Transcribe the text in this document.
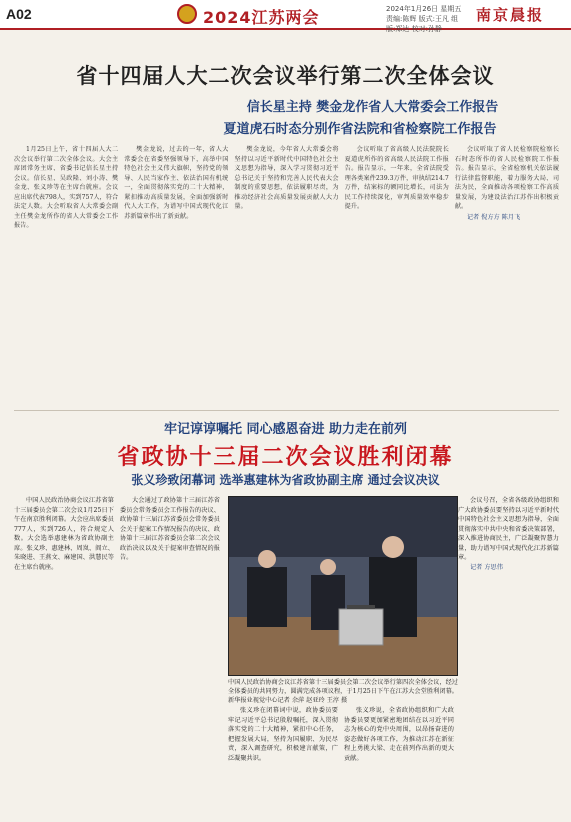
A02	2024江苏两会	2024年1月26日 星期五 责编:陈辉 版式:王凡 组版:郑达 校对:孙静
南京晨报
省十四届人大二次会议举行第二次全体会议
信长星主持 樊金龙作省人大常委会工作报告
夏道虎石时态分别作省法院和省检察院工作报告

1月25日上午，省十四届人大二次会议举行第二次全体会议。大会主席团常务主席、省委书记信长星主持会议。信长星、吴政隆、刘小涛、樊金龙、张义珍等在主席台就座。会议应出席代表798人，实到757人，符合法定人数。大会听取省人大常委会副主任樊金龙所作的省人大常委会工作报告。

樊金龙说，过去的一年，省人大常委会在省委坚强领导下，高举中国特色社会主义伟大旗帜，坚持党的领导、人民当家作主、依法治国有机统一，全面贯彻落实党的二十大精神，紧扣推动高质量发展，全面加强新时代人大工作，为谱写中国式现代化江苏新篇章作出了新贡献。

樊金龙说，今年省人大常委会将坚持以习近平新时代中国特色社会主义思想为指导，深入学习贯彻习近平总书记关于坚持和完善人民代表大会制度的重要思想，依法履职尽责，为推动经济社会高质量发展贡献人大力量。

会议听取了省高级人民法院院长夏道虎所作的省高级人民法院工作报告。报告显示，一年来，全省法院受理各类案件239.3万件，审执结214.7万件，结案标的额同比增长，司法为民工作持续深化，审判质量效率稳步提升。

会议听取了省人民检察院检察长石时态所作的省人民检察院工作报告。报告显示，全省检察机关依法履行法律监督职能，着力服务大局、司法为民，全面推动各项检察工作高质量发展，为建设法治江苏作出积极贡献。

记者 倪方方 陈月飞

牢记谆谆嘱托 同心感恩奋进 助力走在前列
省政协十三届二次会议胜利闭幕
张义珍致闭幕词 选举惠建林为省政协副主席 通过会议决议

中国人民政治协商会议江苏省第十三届委员会第二次会议1月25日下午在南京胜利闭幕。大会应出席委员777人，实到726人，符合规定人数。大会选举惠建林为省政协副主席。张义珍、惠建林、周岚、阎立、朱晓进、王燕文、麻建国、洪慧民等在主席台就座。

大会通过了政协第十三届江苏省委员会常务委员会工作报告的决议、政协第十三届江苏省委员会常务委员会关于提案工作情况报告的决议、政协第十三届江苏省委员会第二次会议政治决议以及关于提案审查情况的报告。

中国人民政治协商会议江苏省第十三届委员会第二次会议举行第四次全体会议，经过全体委员的共同努力，圆满完成各项议程，于1月25日下午在江苏大会堂胜利闭幕。 新华报业视觉中心记者 余萍 赵亚玲 王淳 摄

张义珍在闭幕词中说，政协委员要牢记习近平总书记殷殷嘱托，深入贯彻落实党的二十大精神，紧扣中心任务，把握发展大局，坚持为国履职、为民尽责，深入调查研究，积极建言献策，广泛凝聚共识。

张义珍说，全省政协组织和广大政协委员要更加紧密地团结在以习近平同志为核心的党中央周围，以昂扬奋进的姿态做好各项工作，为推动江苏在新征程上勇挑大梁、走在前列作出新的更大贡献。

会议号召，全省各级政协组织和广大政协委员要坚持以习近平新时代中国特色社会主义思想为指导，全面贯彻落实中共中央和省委决策部署，深入推进协商民主，广泛凝聚智慧力量，助力谱写中国式现代化江苏新篇章。

记者 方思伟
